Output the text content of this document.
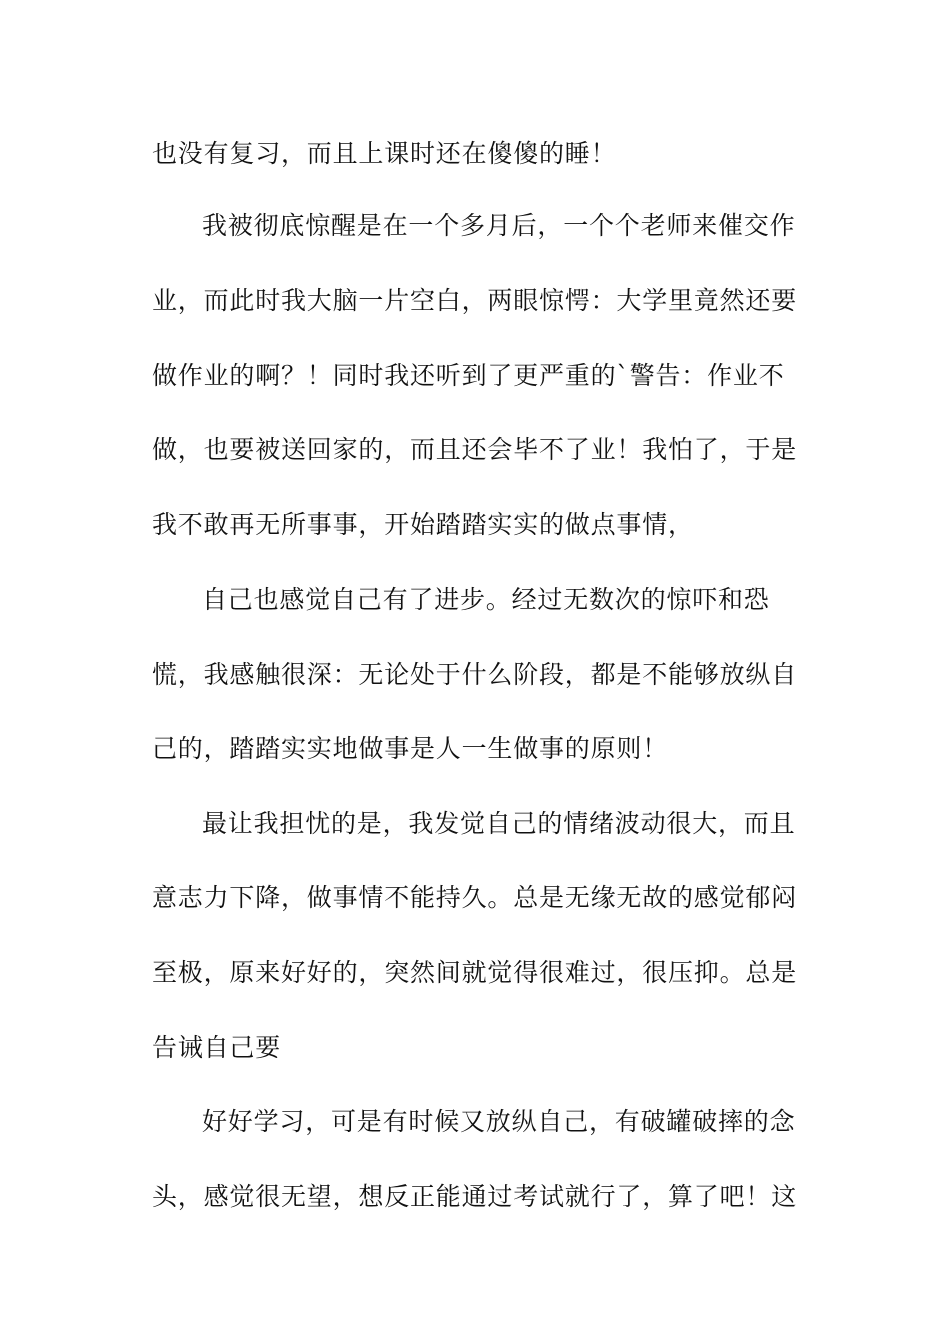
也没有复习，而且上课时还在傻傻的睡！
我被彻底惊醒是在一个多月后，一个个老师来催交作
业，而此时我大脑一片空白，两眼惊愕：大学里竟然还要
做作业的啊？！同时我还听到了更严重的`警告：作业不
做，也要被送回家的，而且还会毕不了业！我怕了，于是
我不敢再无所事事，开始踏踏实实的做点事情，
自己也感觉自己有了进步。经过无数次的惊吓和恐
慌，我感触很深：无论处于什么阶段，都是不能够放纵自
己的，踏踏实实地做事是人一生做事的原则！
最让我担忧的是，我发觉自己的情绪波动很大，而且
意志力下降，做事情不能持久。总是无缘无故的感觉郁闷
至极，原来好好的，突然间就觉得很难过，很压抑。总是
告诫自己要
好好学习，可是有时候又放纵自己，有破罐破摔的念
头，感觉很无望，想反正能通过考试就行了，算了吧！这
